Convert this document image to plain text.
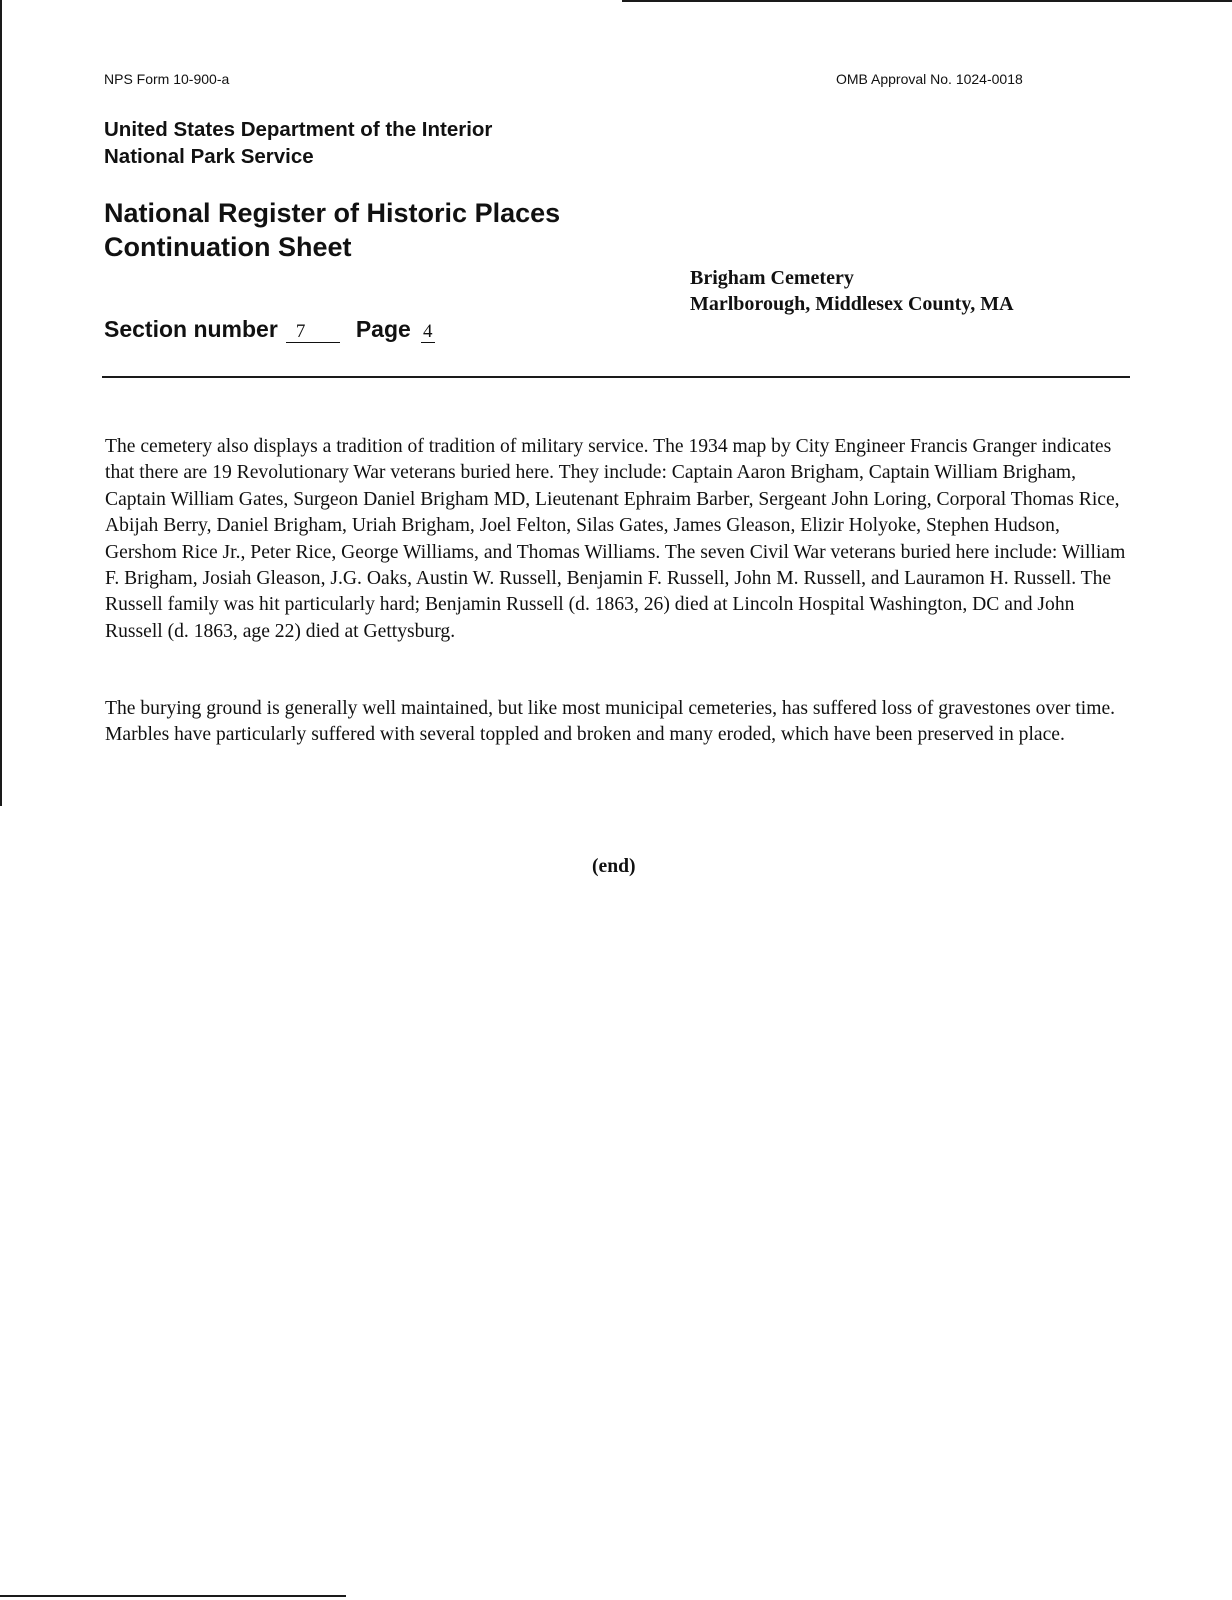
NPS Form 10-900-a	OMB Approval No. 1024-0018
United States Department of the Interior
National Park Service
National Register of Historic Places
Continuation Sheet
Brigham Cemetery
Marlborough, Middlesex County, MA
Section number 7 Page 4

The cemetery also displays a tradition of tradition of military service. The 1934 map by City Engineer Francis Granger indicates that there are 19 Revolutionary War veterans buried here. They include: Captain Aaron Brigham, Captain William Brigham, Captain William Gates, Surgeon Daniel Brigham MD, Lieutenant Ephraim Barber, Sergeant John Loring, Corporal Thomas Rice, Abijah Berry, Daniel Brigham, Uriah Brigham, Joel Felton, Silas Gates, James Gleason, Elizir Holyoke, Stephen Hudson, Gershom Rice Jr., Peter Rice, George Williams, and Thomas Williams. The seven Civil War veterans buried here include: William F. Brigham, Josiah Gleason, J.G. Oaks, Austin W. Russell, Benjamin F. Russell, John M. Russell, and Lauramon H. Russell. The Russell family was hit particularly hard; Benjamin Russell (d. 1863, 26) died at Lincoln Hospital Washington, DC and John Russell (d. 1863, age 22) died at Gettysburg.

The burying ground is generally well maintained, but like most municipal cemeteries, has suffered loss of gravestones over time. Marbles have particularly suffered with several toppled and broken and many eroded, which have been preserved in place.

(end)
